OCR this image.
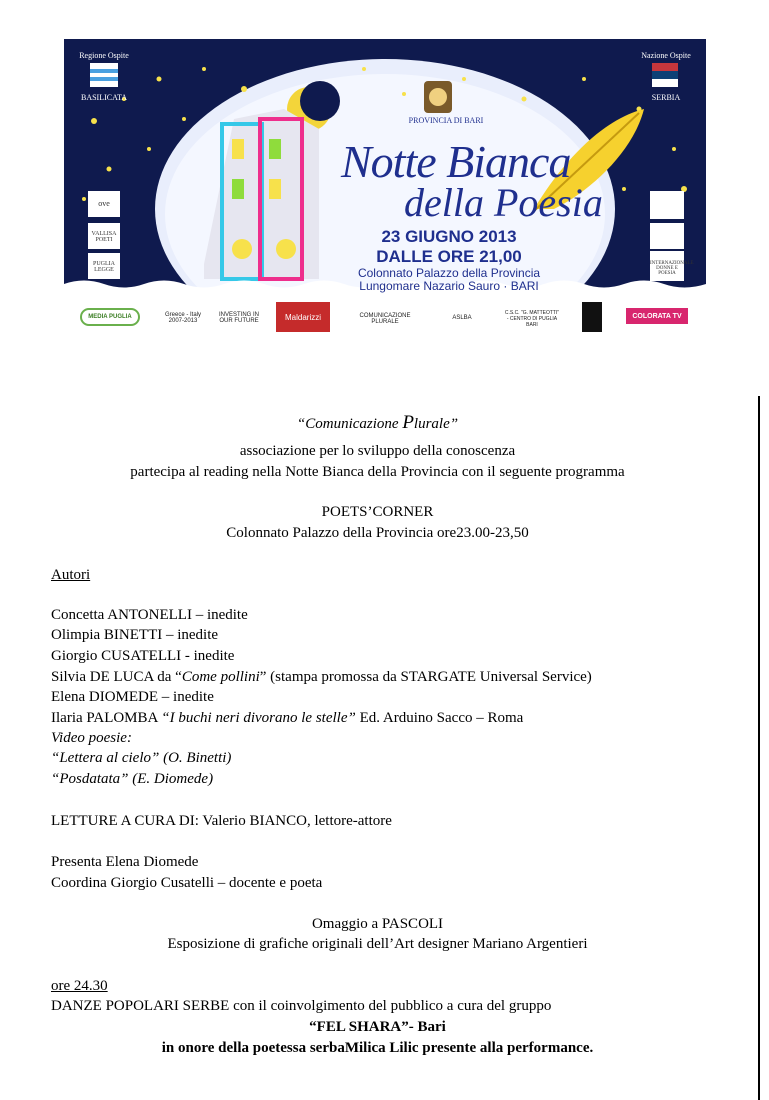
Regione Ospite
BASILICATA
Nazione Ospite
SERBIA
ove
VALLISA POETI
PUGLIA LEGGE
INTERNAZIONALE DONNE E POESIA
PROVINCIA DI BARI
Notte Bianca
della Poesia
23 GIUGNO 2013
DALLE ORE 21,00
Colonnato Palazzo della Provincia
Lungomare Nazario Sauro · BARI
MEDIA PUGLIA	Greece - Italy 2007-2013
INVESTING IN OUR FUTURE	Maldarizzi	COMUNICAZIONE PLURALE
ASLBA
C.S.C. "G. MATTEOTTI" - CENTRO DI PUGLIA BARI
COLORATA TV
“Comunicazione Plurale”
associazione per lo sviluppo della conoscenza
partecipa al reading nella Notte Bianca della Provincia con il seguente programma
POETS’CORNER
Colonnato Palazzo della Provincia ore23.00-23,50
Autori
Concetta ANTONELLI – inedite
Olimpia BINETTI – inedite
Giorgio CUSATELLI - inedite
Silvia DE LUCA da “Come pollini” (stampa promossa da STARGATE Universal Service)
Elena DIOMEDE – inedite
Ilaria PALOMBA “I buchi neri divorano le stelle” Ed. Arduino Sacco – Roma
Video poesie:
“Lettera al cielo” (O. Binetti)
“Posdatata” (E. Diomede)
LETTURE A CURA DI: Valerio BIANCO, lettore-attore
Presenta Elena Diomede
Coordina Giorgio Cusatelli – docente e poeta
Omaggio a PASCOLI
Esposizione di grafiche originali dell’Art designer Mariano Argentieri
ore 24.30
DANZE POPOLARI SERBE con il coinvolgimento del pubblico a cura del gruppo
“FEL SHARA”- Bari
in onore della poetessa serbaMilica Lilic presente alla performance.
